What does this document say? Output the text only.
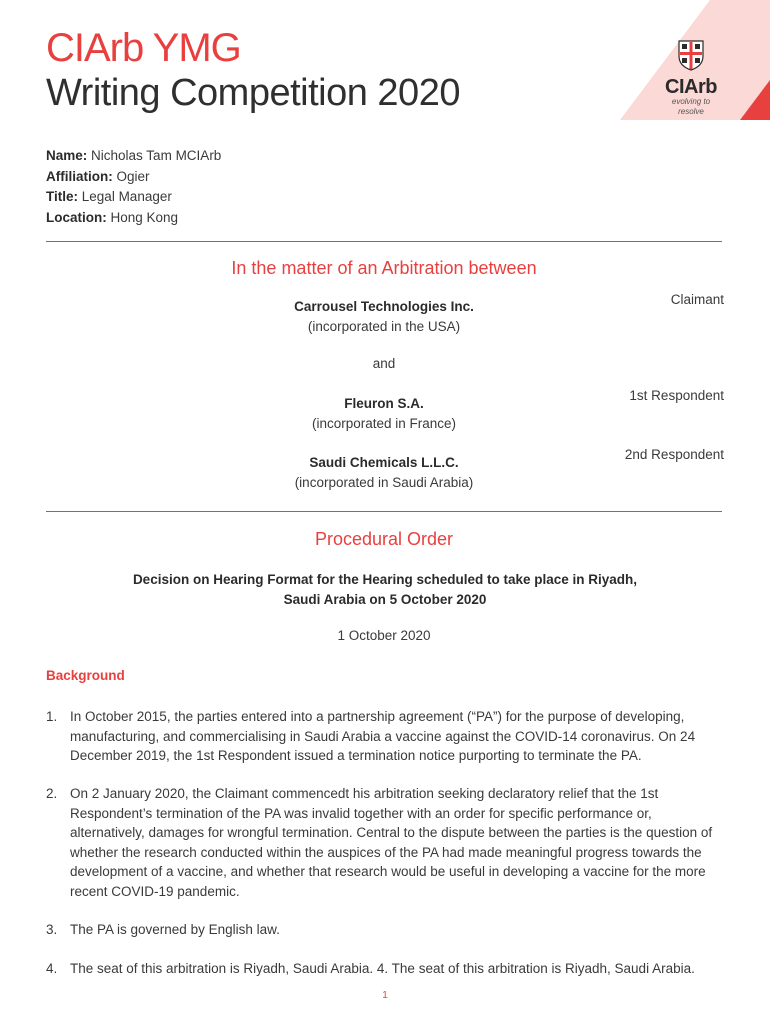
CIArb
evolving to resolve
CIArb YMG
Writing Competition 2020
Name: Nicholas Tam MCIArb
Affiliation: Ogier
Title: Legal Manager
Location: Hong Kong
In the matter of an Arbitration between
Carrousel Technologies Inc.
(incorporated in the USA)
Claimant
and
Fleuron S.A.
(incorporated in France)
1st Respondent
Saudi Chemicals L.L.C.
(incorporated in Saudi Arabia)
2nd Respondent
Procedural Order
Decision on Hearing Format for the Hearing scheduled to take place in Riyadh,
Saudi Arabia on 5 October 2020
1 October 2020
Background
1. In October 2015, the parties entered into a partnership agreement (“PA”) for the purpose of developing, manufacturing, and commercialising in Saudi Arabia a vaccine against the COVID-14 coronavirus. On 24 December 2019, the 1st Respondent issued a termination notice purporting to terminate the PA.
2. On 2 January 2020, the Claimant commencedt his arbitration seeking declaratory relief that the 1st Respondent’s termination of the PA was invalid together with an order for specific performance or, alternatively, damages for wrongful termination. Central to the dispute between the parties is the question of whether the research conducted within the auspices of the PA had made meaningful progress towards the development of a vaccine, and whether that research would be useful in developing a vaccine for the more recent COVID-19 pandemic.
3. The PA is governed by English law.
4. The seat of this arbitration is Riyadh, Saudi Arabia. 4. The seat of this arbitration is Riyadh, Saudi Arabia.
1
